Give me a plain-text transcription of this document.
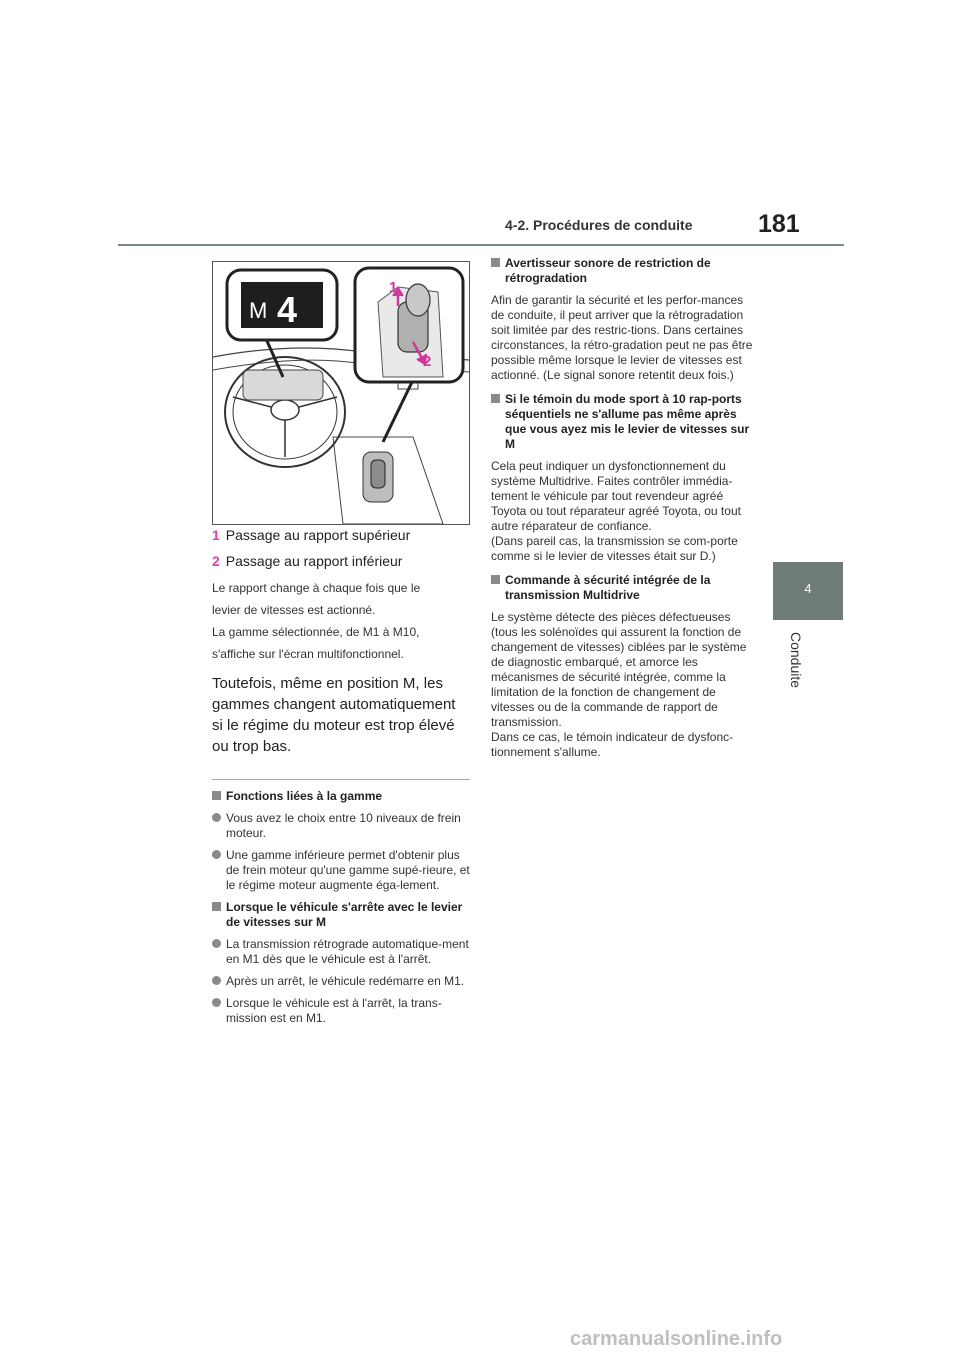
4-2. Procédures de conduite	181
4
Conduite
M 4
1
2

1 Passage au rapport supérieur

2 Passage au rapport inférieur

Le rapport change à chaque fois que le

levier de vitesses est actionné.

La gamme sélectionnée, de M1 à M10,

s'affiche sur l'écran multifonctionnel.

Toutefois, même en position M, les gammes changent automatiquement si le régime du moteur est trop élevé ou trop bas.

Fonctions liées à la gamme

Vous avez le choix entre 10 niveaux de frein moteur.

Une gamme inférieure permet d'obtenir plus de frein moteur qu'une gamme supé-rieure, et le régime moteur augmente éga-lement.

Lorsque le véhicule s'arrête avec le levier de vitesses sur M

La transmission rétrograde automatique-ment en M1 dès que le véhicule est à l'arrêt.

Après un arrêt, le véhicule redémarre en M1.

Lorsque le véhicule est à l'arrêt, la trans-mission est en M1.

Avertisseur sonore de restriction de rétrogradation

Afin de garantir la sécurité et les perfor-mances de conduite, il peut arriver que la rétrogradation soit limitée par des restric-tions. Dans certaines circonstances, la rétro-gradation peut ne pas être possible même lorsque le levier de vitesses est actionné. (Le signal sonore retentit deux fois.)

Si le témoin du mode sport à 10 rap-ports séquentiels ne s'allume pas même après que vous ayez mis le levier de vitesses sur M

Cela peut indiquer un dysfonctionnement du système Multidrive. Faites contrôler immédia-tement le véhicule par tout revendeur agréé Toyota ou tout réparateur agréé Toyota, ou tout autre réparateur de confiance.
(Dans pareil cas, la transmission se com-porte comme si le levier de vitesses était sur D.)

Commande à sécurité intégrée de la transmission Multidrive

Le système détecte des pièces défectueuses (tous les solénoïdes qui assurent la fonction de changement de vitesses) ciblées par le système de diagnostic embarqué, et amorce les mécanismes de sécurité intégrée, comme la limitation de la fonction de changement de vitesses ou de la commande de rapport de transmission.
Dans ce cas, le témoin indicateur de dysfonc-tionnement s'allume.

carmanualsonline.info
